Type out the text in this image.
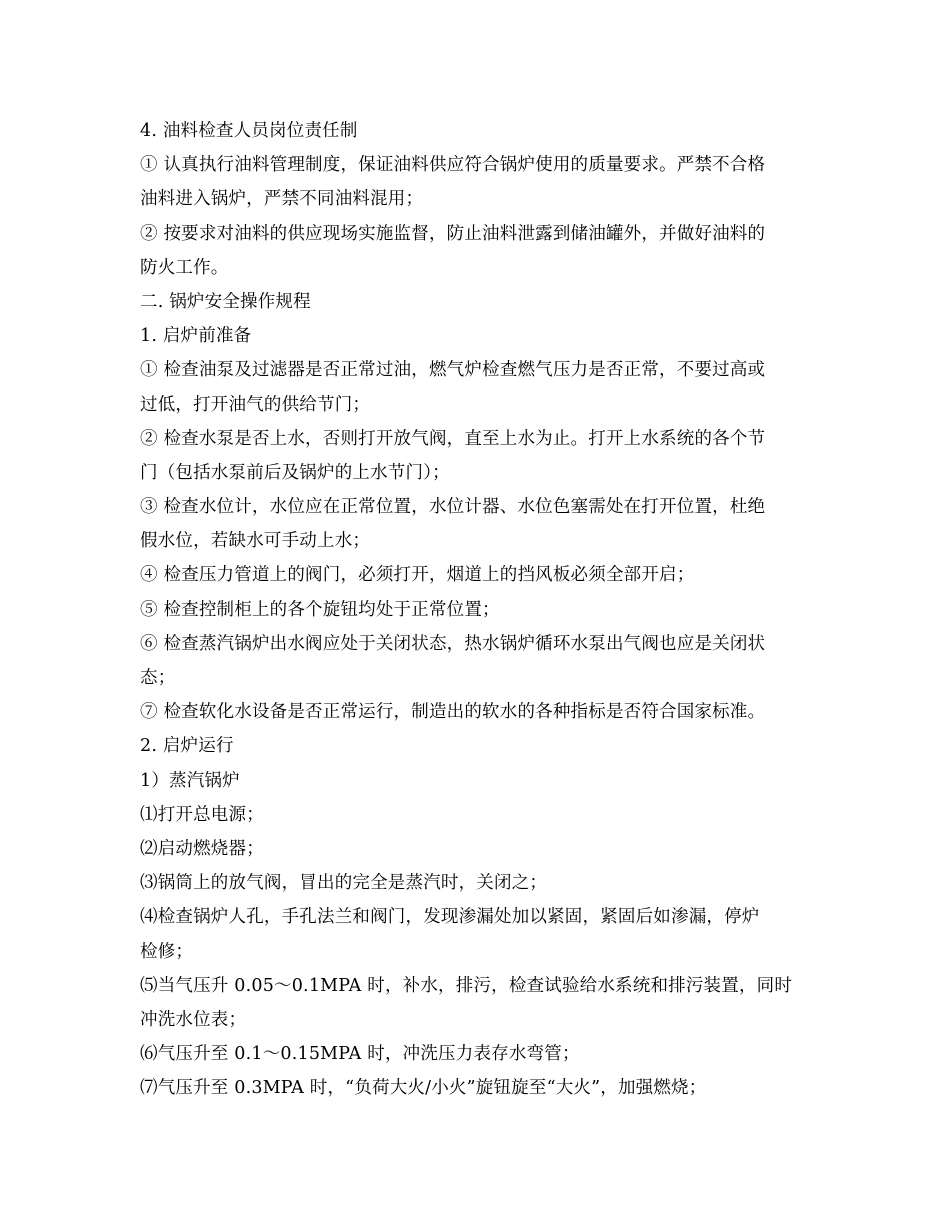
4. 油料检查人员岗位责任制
① 认真执行油料管理制度，保证油料供应符合锅炉使用的质量要求。严禁不合格
油料进入锅炉，严禁不同油料混用；
② 按要求对油料的供应现场实施监督，防止油料泄露到储油罐外，并做好油料的
防火工作。
二. 锅炉安全操作规程
1. 启炉前准备
① 检查油泵及过滤器是否正常过油，燃气炉检查燃气压力是否正常，不要过高或
过低，打开油气的供给节门；
② 检查水泵是否上水，否则打开放气阀，直至上水为止。打开上水系统的各个节
门（包括水泵前后及锅炉的上水节门）；
③ 检查水位计，水位应在正常位置，水位计器、水位色塞需处在打开位置，杜绝
假水位，若缺水可手动上水；
④ 检查压力管道上的阀门，必须打开，烟道上的挡风板必须全部开启；
⑤ 检查控制柜上的各个旋钮均处于正常位置；
⑥ 检查蒸汽锅炉出水阀应处于关闭状态，热水锅炉循环水泵出气阀也应是关闭状
态；
⑦ 检查软化水设备是否正常运行，制造出的软水的各种指标是否符合国家标准。
2. 启炉运行
1）蒸汽锅炉
⑴打开总电源；
⑵启动燃烧器；
⑶锅筒上的放气阀，冒出的完全是蒸汽时，关闭之；
⑷检查锅炉人孔，手孔法兰和阀门，发现渗漏处加以紧固，紧固后如渗漏，停炉
检修；
⑸当气压升 0.05～0.1MPA 时，补水，排污，检查试验给水系统和排污装置，同时
冲洗水位表；
⑹气压升至 0.1～0.15MPA 时，冲洗压力表存水弯管；
⑺气压升至 0.3MPA 时，“负荷大火/小火”旋钮旋至“大火”，加强燃烧；
